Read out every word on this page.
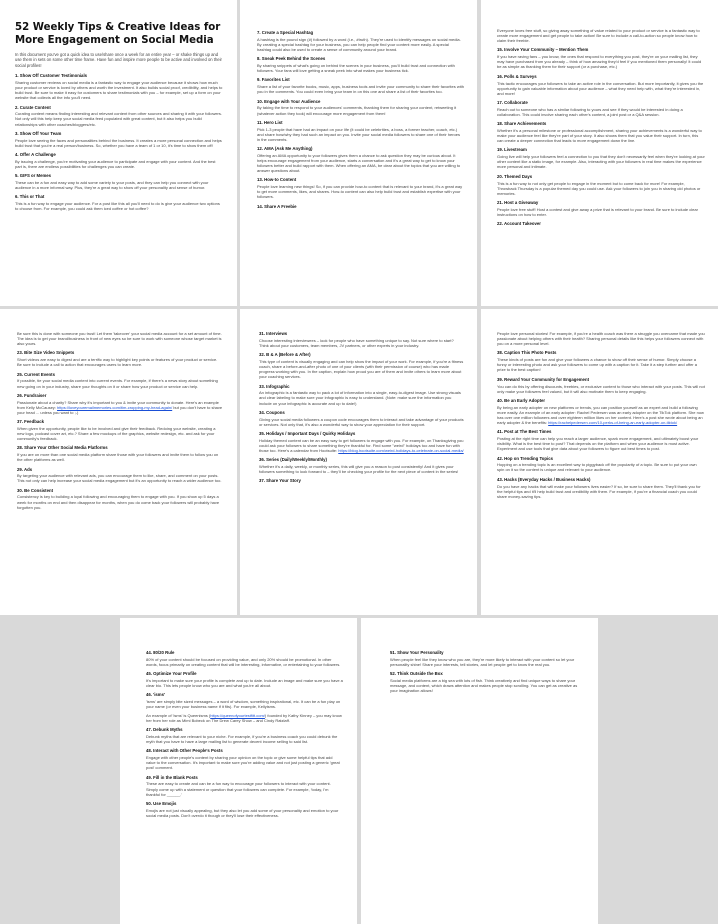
52 Weekly Tips & Creative Ideas for More Engagement on Social Media
In this document you've got a quick idea to use/share once a week for an entire year – or shake things up and use them in sets on some other time frame. Have fun and inspire more people to be active and involved on their social profiles!
1. Show Off Customer Testimonials

Sharing customer reviews on social media is a fantastic way to engage your audience because it shows how much your product or service is loved by others and worth the investment. It also builds social proof, credibility, and helps to build trust. Be sure to make it easy for customers to share testimonials with you – for example, set up a form on your website that collects all the info you'll need.

2. Curate Content

Curating content means finding interesting and relevant content from other sources and sharing it with your followers. Not only will this help keep your social media feed populated with great content, but it also helps you build relationships with other coaches/bloggers/etc.

3. Show Off Your Team

People love seeing the faces and personalities behind the business. It creates a more personal connection and helps build trust that you're a real person/business. So, whether you have a team of 1 or 10, it's time to show them off!

4. Offer A Challenge

By issuing a challenge, you're motivating your audience to participate and engage with your content. And the best part is, there are endless possibilities for challenges you can create.

5. GIFS or Memes

These can be a fun and easy way to add some variety to your posts, and they can help you connect with your audience in a more informal way. Plus, they're a great way to show off your personality and sense of humor.

6. This or That

This is a fun way to engage your audience. For a post like this all you'll need to do is give your audience two options to choose from. For example, you could ask them iced coffee or hot coffee?

7. Create a Special Hashtag

A hashtag is the pound sign (#) followed by a word (i.e., #truth). They're used to identify messages on social media. By creating a special hashtag for your business, you can help people find your content more easily. A special hashtag could also be used to create a sense of community around your brand.

8. Sneak Peek Behind the Scenes

By sharing snippets of what's going on behind the scenes in your business, you'll build trust and connection with followers. Your fans will love getting a sneak peek into what makes your business tick.

9. Favorites List

Share a list of your favorite books, music, apps, business tools and invite your community to share their favorites with you in the comments. You could even bring your team in on this one and share a list of their favorites too.

10. Engage with Your Audience

By taking the time to respond to your audiences' comments, thanking them for sharing your content, retweeting it (whatever action they took) will encourage more engagement from them!

11. Hero List

Pick 1-3 people that have had an impact on your life (it could be celebrities, a boss, a former teacher, coach, etc.) and share how/why they had such an impact on you. Invite your social media followers to share one of their heroes in the comments.

12. AMA (Ask Me Anything)

Offering an AMA opportunity to your followers gives them a chance to ask question they may be curious about. It helps encourage engagement from your audience, starts a conversation and it's a great way to get to know your followers better and build rapport with them. When offering an AMA, be clear about the topics that you are willing to answer questions about.

13. How-to Content

People love learning new things! So, if you can provide how-to content that is relevant to your brand, it's a great way to get more comments, likes, and shares. How-to content can also help build trust and establish expertise with your followers.

14. Share A Freebie

Everyone loves free stuff, so giving away something of value related to your product or service is a fantastic way to create more engagement and get people to take action! Be sure to include a call-to-action so people know how to claim their freebie.

15. Involve Your Community – Mention Them

If you have raving fans – you know, the ones that respond to everything you post, they're on your mailing list, they may have purchased from you already – think of how amazing they'd feel if you mentioned them personally! It could be as simple as thanking them for their support (or a purchase, etc.)

16. Polls & Surveys

This tactic encourages your followers to take an active role in the conversation. But more importantly, it gives you the opportunity to gain valuable information about your audience – what they need help with, what they're interested in, and more!

17. Collaborate

Reach out to someone who has a similar following to yours and see if they would be interested in doing a collaboration. This could involve sharing each other's content, a joint post or a Q&A session.

18. Share Achievements

Whether it's a personal milestone or professional accomplishment, sharing your achievements is a wonderful way to make your audience feel like they're part of your story. It also shows them that you value their support. In turn, this can create a deeper connection that leads to more engagement down the line.

19. Livestream

Going live will help your followers feel a connection to you that they don't necessarily feel when they're looking at your other content like a static image, for example. Also, interacting with your followers in real time makes the experience more personal and intimate.

20. Themed Days

This is a fun way to not only get people to engage in the moment but to come back for more! For example, Throwback Thursday is a popular themed day you could use. Ask your followers to join you in sharing old photos or memories.

21. Host a Giveaway

People love free stuff! Host a contest and give away a prize that is relevant to your brand. Be sure to include clear instructions on how to enter.

22. Account Takeover

Be sure this is done with someone you trust! Let them 'takeover' your social media account for a set amount of time. The idea is to get your brand/business in front of new eyes so be sure to work with someone whose target market is also yours.

23. Bite Size Video Snippets

Short videos are easy to digest and are a terrific way to highlight key points or features of your product or service. Be sure to include a call to action that encourages users to learn more.

25. Current Events

If possible, tie your social media content into current events. For example, if there's a news story about something new going on in your industry, share your thoughts on it or share how your product or service can help.

26. Fundraiser

Passionate about a charity? Share why it's important to you & invite your community to donate. Here's an example from Kelly McCausey: https://loveyouremailmemories.com/tim-cropping-my-head-again/ but you don't have to shave your head ... unless you want to ;-)

37. Feedback

When given the opportunity, people like to be involved and give their feedback. Redoing your website, creating a new logo, podcast cover art, etc.? Share a few mockups of the graphics, website redesign, etc. and ask for your community's feedback.

28. Share Your Other Social Media Platforms

If you are on more than one social media platform share those with your followers and invite them to follow you on the other platforms as well.

29. Ads

By targeting your audience with relevant ads, you can encourage them to like, share, and comment on your posts. This not only can help increase your social media engagement but it's an opportunity to reach a wider audience too.

30. Be Consistent

Consistency is key to building a loyal following and encouraging them to engage with you. If you show up 5 days a week for months on end and then disappear for months, when you do come back your followers will probably have forgotten you.

31. Interviews

Choose interesting interviewees – look for people who have something unique to say. Not sure where to start? Think about your customers, team members, JV partners, or other experts in your industry.

32. B & A (Before & After)

This type of content is visually engaging and can help show the impact of your work. For example, if you're a fitness coach, share a before-and-after photo of one of your clients (with their permission of course) who has made progress working with you. In the caption, explain how proud you are of them and invite others to learn more about your coaching services.

33. Infographic

An infographic is a fantastic way to pack a lot of information into a single, easy-to-digest image. Use strong visuals and clear labeling to make sure your infographic is easy to understand. (Note: make sure the information you include on your infographic is accurate and up to date!)

34. Coupons

Giving your social media followers a coupon code encourages them to interact and take advantage of your products or services. Not only that, it's also a wonderful way to show your appreciation for their support.

35. Holidays / Important Days / Quirky Holidays

Holiday themed content can be an easy way to get followers to engage with you. For example, on Thanksgiving you could ask your followers to share something they're thankful for. Find some "weird" holidays too and have fun with those too. Here's a calendar from Hootsuite: https://blog.hootsuite.com/weird-holidays-to-celebrate-on-social-media/

36. Series (Daily/Weekly/Monthly)

Whether it's a daily, weekly, or monthly series, this will give you a reason to post consistently! And it gives your followers something to look forward to – they'll be checking your profile for the next piece of content in the series!

37. Share Your Story

People love personal stories! For example, if you're a health coach was there a struggle you overcame that made you passionate about helping others with their health? Sharing personal details like this helps your followers connect with you on a more personal level.

38. Caption This Photo Posts

These kinds of posts are fun and give your followers a chance to show off their sense of humor. Simply choose a funny or interesting photo and ask your followers to come up with a caption for it. Take it a step further and offer a prize to the best caption!

39. Reward Your Community for Engagement

You can do this by offering discounts, freebies, or exclusive content to those who interact with your posts. This will not only make your followers feel valued, but it will also motivate them to keep engaging.

40. Be an Early Adopter

By being an early adopter on new platforms or trends, you can position yourself as an expert and build a following more easily. An example of an early adopter: Rachel Pedersen was an early adopter on the TikTok platform. She now has over one million followers and over eighteen million likes on her content. Here's a post she wrote about being an early adopter & the benefits: https://rachelpedersen.com/10-perks-of-being-an-early-adopter-on-tiktok/

41. Post at The Best Times

Posting at the right time can help you reach a larger audience, spark more engagement, and ultimately boost your visibility. What is the best time to post? That depends on the platform and when your audience is most active. Experiment and use tools that give data about your followers to figure out best times to post.

42. Hop on Trending Topics

Hopping on a trending topic is an excellent way to piggyback off the popularity of a topic. Be sure to put your own spin on it so the content is unique and relevant to your audience.

43. Hacks (Everyday Hacks / Business Hacks)

Do you have any hacks that will make your followers lives easier? If so, be sure to share them. They'll thank you for the helpful tips and it'll help build trust and credibility with them. For example, if you're a financial coach you could share money-saving tips.

44. 80/20 Rule

80% of your content should be focused on providing value, and only 20% should be promotional. In other words, focus primarily on creating content that will be interesting, informative, or entertaining to your followers.

45. Optimize Your Profile

It's important to make sure your profile is complete and up to date. Include an image and make sure you have a clear bio. This lets people know who you are and what you're all about.

46. 'isms'

'isms' are simply bite sized messages – a word of wisdom, something inspirational, etc. It can be a fun play on your name (or even your business name if it fits). For example, Kellyisms.

An example of 'isms' is Queenisms (https://queenofyourtestfitt.com/) founded by Kathy Kinney – you may know her from her role as Mimi Bobeck on The Drew Carey Show – and Cindy Ratzlaff.

47. Debunk Myths

Debunk myths that are relevant to your niche. For example, if you're a business coach you could debunk the myth that you have to have a large mailing list to generate decent income selling to said list.

48. Interact with Other People's Posts

Engage with other people's content by sharing your opinion on the topic or give some helpful tips that add value to the conversation. It's important to make sure you're adding value and not just posting a generic 'great post' comment.

49. Fill in the Blank Posts

These are easy to create and can be a fun way to encourage your followers to interact with your content. Simply come up with a statement or question that your followers can complete. For example, 'today, I'm thankful for ______.'

50. Use Emojis

Emojis are not just visually appealing, but they also let you add some of your personality and emotion to your social media posts. Don't overdo it though or they'll lose their effectiveness.

51. Show Your Personality

When people feel like they know who you are, they're more likely to interact with your content so let your personality shine! Share your interests, tell stories, and let people get to know the real you.

52. Think Outside the Box

Social media platforms are a big sea with lots of fish. Think creatively and find unique ways to share your message, and content, which draws attention and makes people stop scrolling. You can get as creative as your imagination allows!
